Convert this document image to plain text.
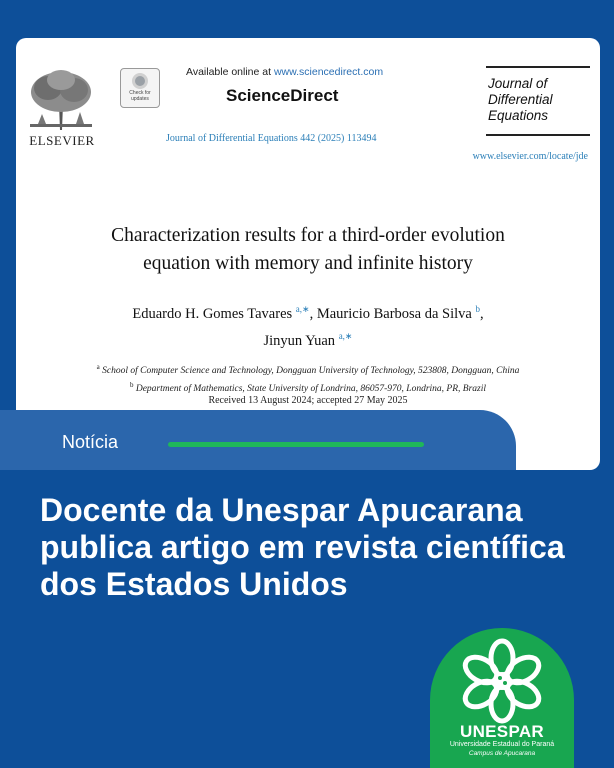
ELSEVIER
Check for updates
Available online at www.sciencedirect.com
ScienceDirect
Journal of Differential Equations 442 (2025) 113494
Journal of
Differential
Equations
www.elsevier.com/locate/jde
Characterization results for a third-order evolution
equation with memory and infinite history
Eduardo H. Gomes Tavares $^{a,∗}$, Mauricio Barbosa da Silva $^b$,
Jinyun Yuan $^{a,∗}$
$^a$ School of Computer Science and Technology, Dongguan University of Technology, 523808, Dongguan, China
$^b$ Department of Mathematics, State University of Londrina, 86057-970, Londrina, PR, Brazil
Received 13 August 2024; accepted 27 May 2025
Notícia
Docente da Unespar Apucarana publica artigo em revista científica dos Estados Unidos
UNESPAR
Universidade Estadual do Paraná
Campus de Apucarana
